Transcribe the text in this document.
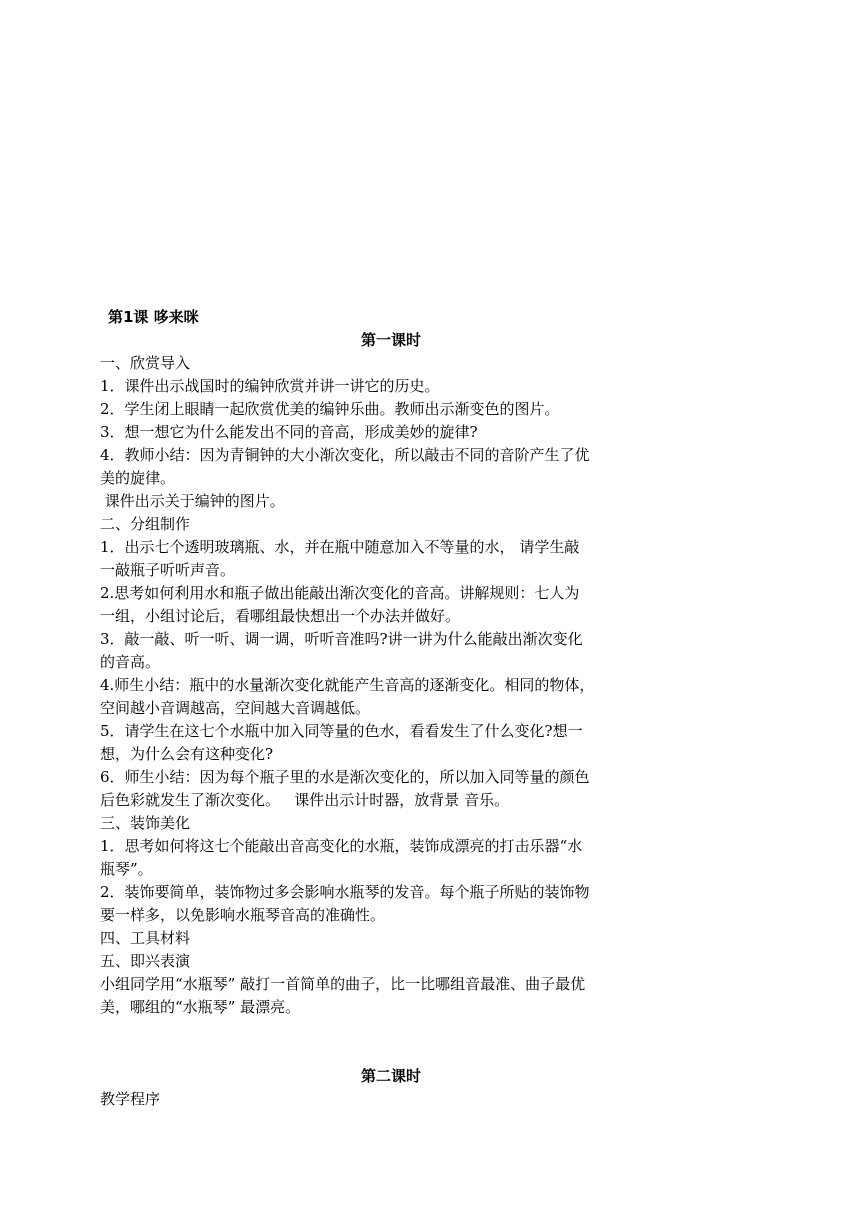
第1课 哆来咪
第一课时
一、欣赏导入
1．课件出示战国时的编钟欣赏并讲一讲它的历史。
2．学生闭上眼睛一起欣赏优美的编钟乐曲。教师出示渐变色的图片。
3．想一想它为什么能发出不同的音高，形成美妙的旋律?
4．教师小结：因为青铜钟的大小渐次变化，所以敲击不同的音阶产生了优
美的旋律。
课件出示关于编钟的图片。
二、分组制作
1．出示七个透明玻璃瓶、水，并在瓶中随意加入不等量的水， 请学生敲
一敲瓶子听听声音。
2.思考如何利用水和瓶子做出能敲出渐次变化的音高。讲解规则：七人为
一组，小组讨论后，看哪组最快想出一个办法并做好。
3．敲一敲、听一听、调一调，听听音准吗?讲一讲为什么能敲出渐次变化
的音高。
4.师生小结：瓶中的水量渐次变化就能产生音高的逐渐变化。相同的物体，
空间越小音调越高，空间越大音调越低。
5．请学生在这七个水瓶中加入同等量的色水，看看发生了什么变化?想一
想，为什么会有这种变化?
6．师生小结：因为每个瓶子里的水是渐次变化的，所以加入同等量的颜色
后色彩就发生了渐次变化。   课件出示计时器，放背景 音乐。
三、装饰美化
1．思考如何将这七个能敲出音高变化的水瓶，装饰成漂亮的打击乐器“水
瓶琴”。
2．装饰要简单，装饰物过多会影响水瓶琴的发音。每个瓶子所贴的装饰物
要一样多，以免影响水瓶琴音高的准确性。
四、工具材料
五、即兴表演
小组同学用“水瓶琴” 敲打一首简单的曲子，比一比哪组音最准、曲子最优
美，哪组的“水瓶琴” 最漂亮。
第二课时
教学程序
